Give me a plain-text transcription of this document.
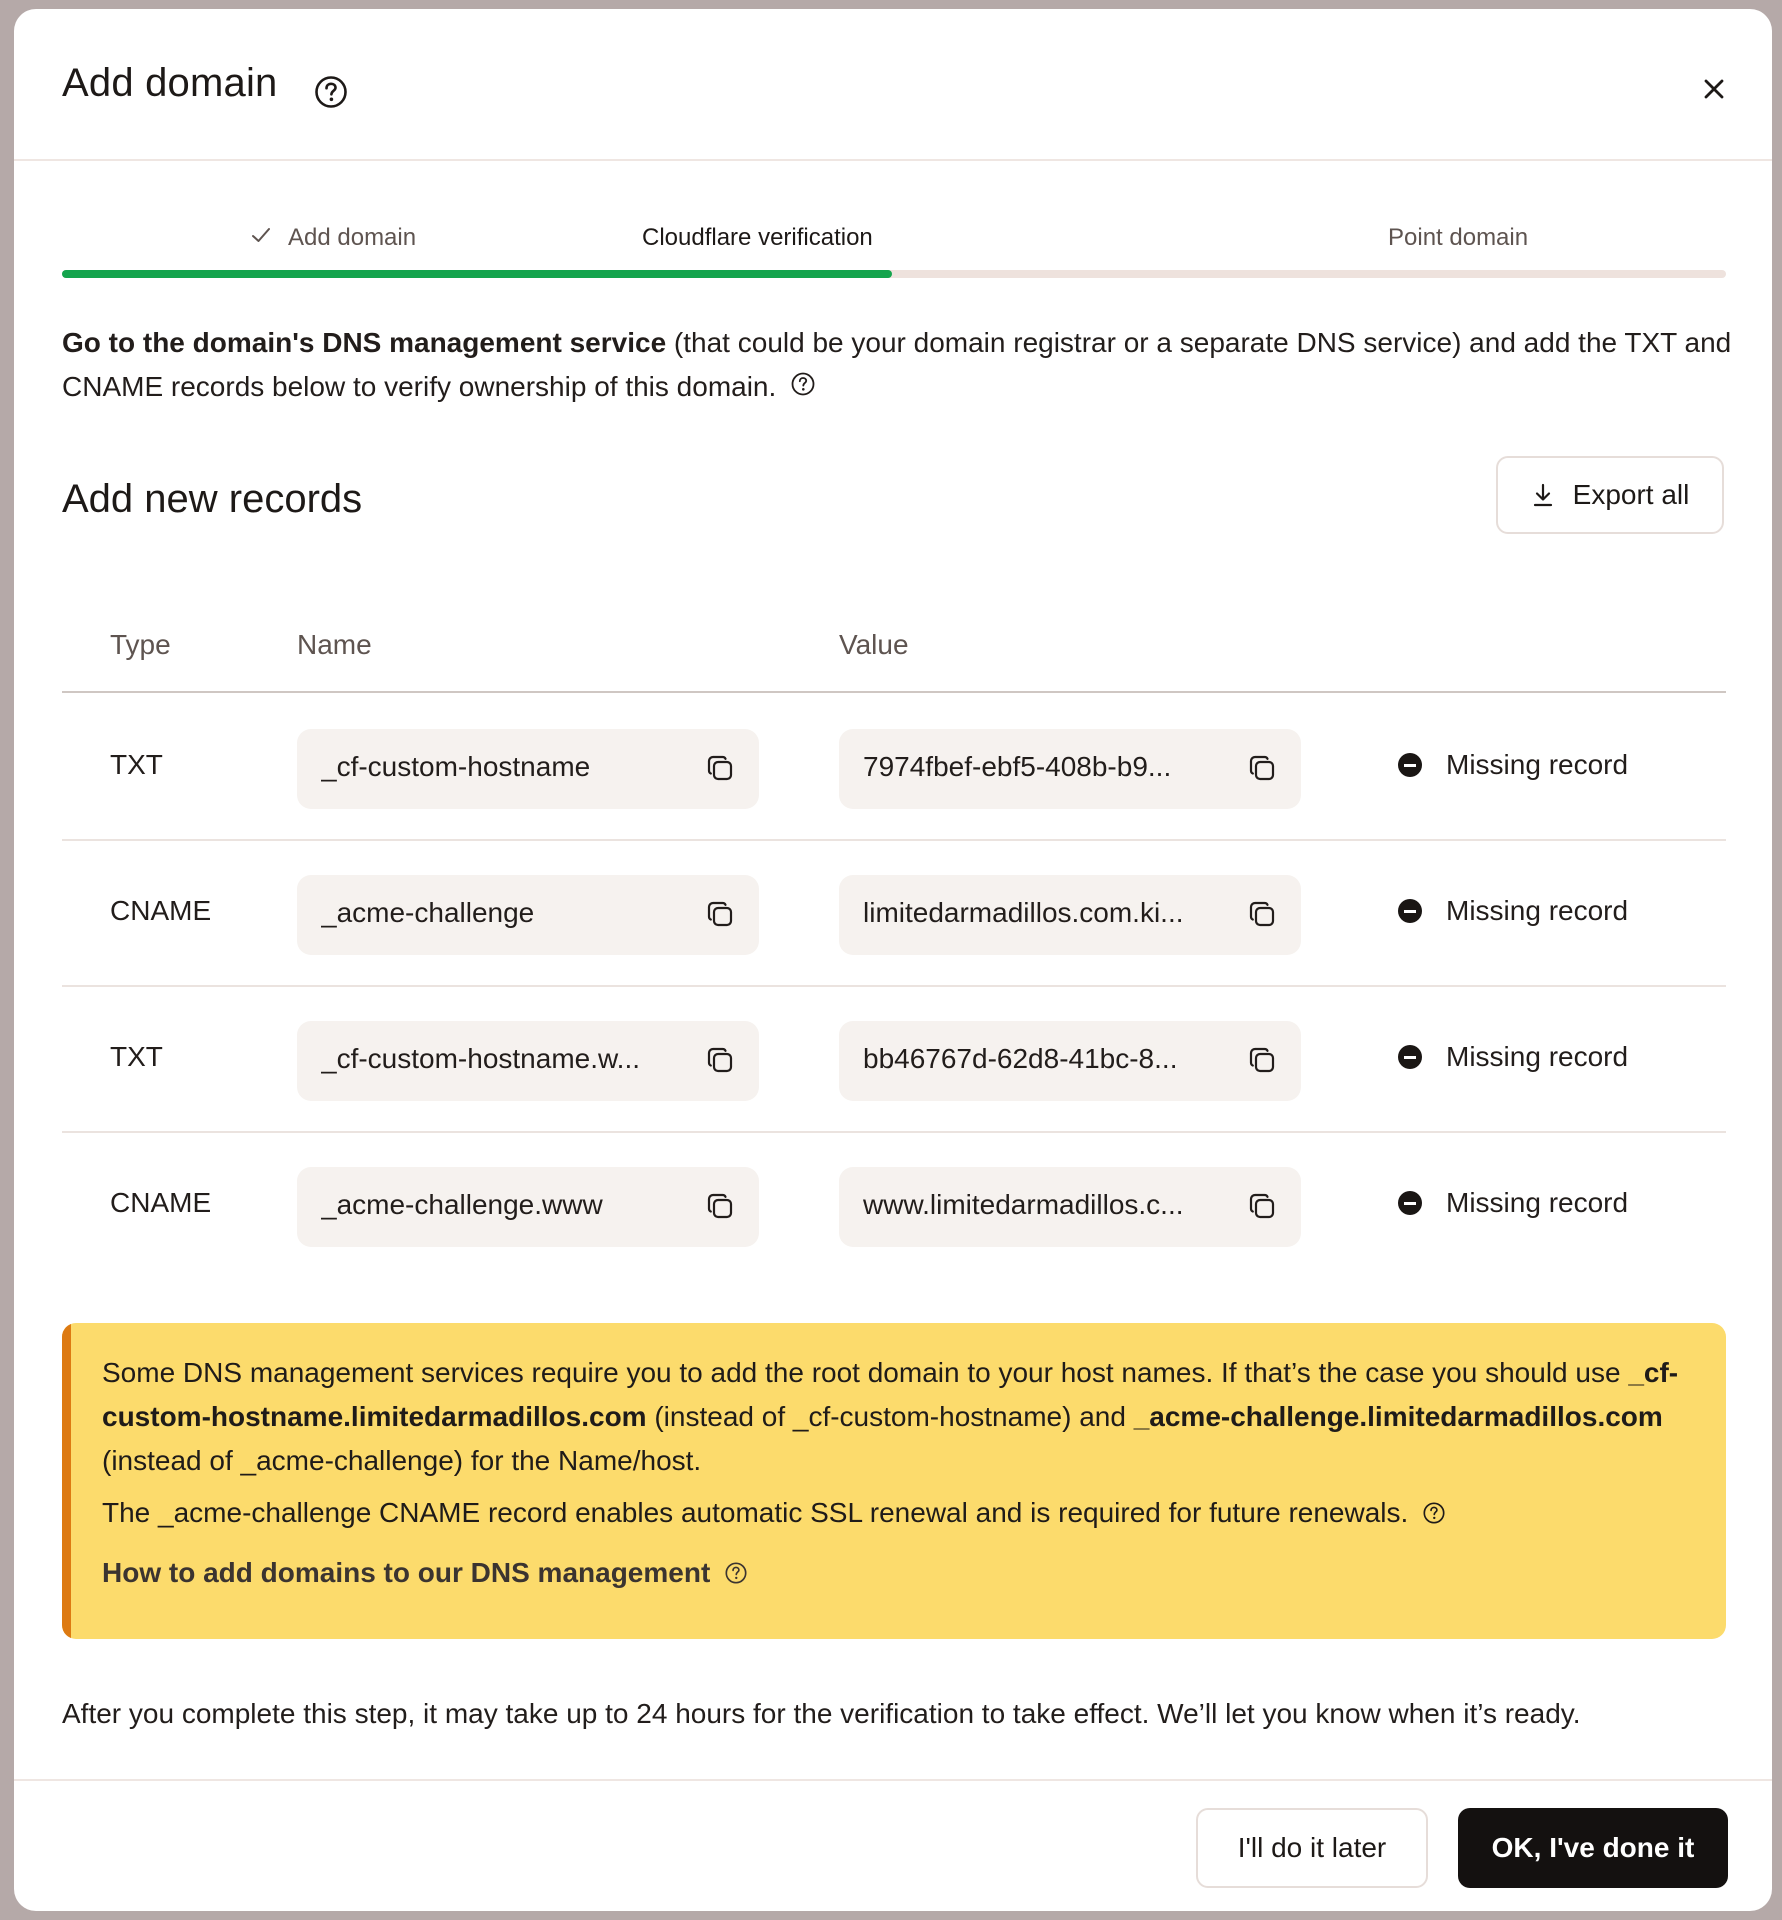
Add domain
Add domain	Cloudflare verification	Point domain

Go to the domain's DNS management service (that could be your domain registrar or a separate DNS service) and add the TXT and CNAME records below to verify ownership of this domain.

Add new records	Export all
Type	Name	Value
TXT	_cf-custom-hostname	7974fbef-ebf5-408b-b9...	Missing record
CNAME	_acme-challenge	limitedarmadillos.com.ki...	Missing record
TXT	_cf-custom-hostname.w...	bb46767d-62d8-41bc-8...	Missing record
CNAME	_acme-challenge.www	www.limitedarmadillos.c...	Missing record

Some DNS management services require you to add the root domain to your host names. If that’s the case you should use _cf-custom-hostname.limitedarmadillos.com (instead of _cf-custom-hostname) and _acme-challenge.limitedarmadillos.com (instead of _acme-challenge) for the Name/host.

The _acme-challenge CNAME record enables automatic SSL renewal and is required for future renewals.

How to add domains to our DNS management

After you complete this step, it may take up to 24 hours for the verification to take effect. We’ll let you know when it’s ready.

I'll do it later	OK, I've done it
